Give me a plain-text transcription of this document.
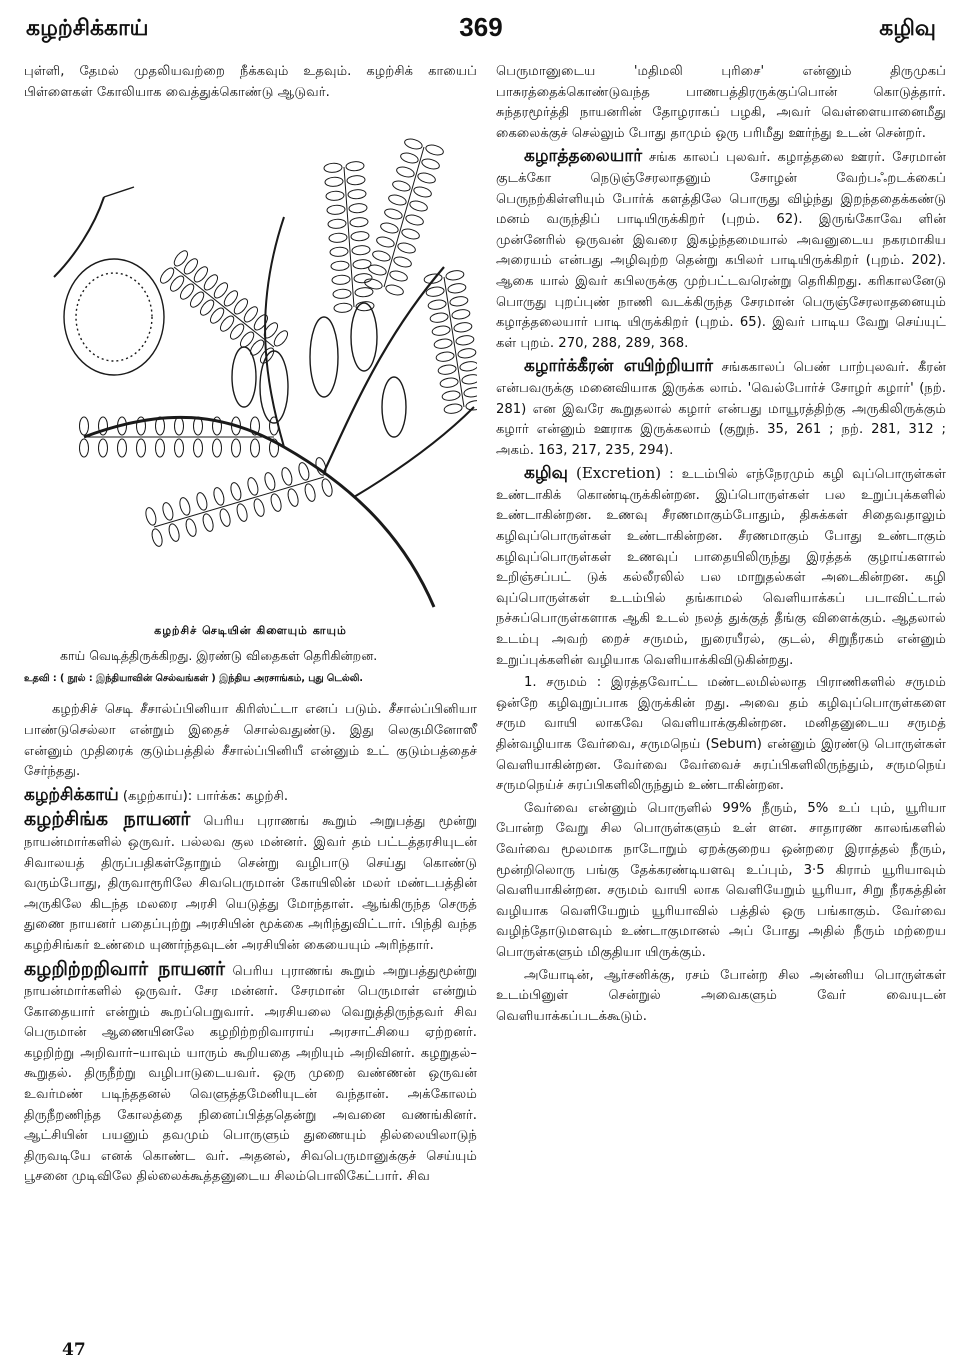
கழற்சிக்காய்	369	கழிவு

புள்ளி, தேமல் முதலியவற்றை நீக்கவும் உதவும். கழற்சிக் காயைப் பிள்ளைகள் கோலியாக வைத்துக்கொண்டு ஆடுவர்.

கழற்சிச் செடியின் கிளையும் காயும்
காய் வெடித்திருக்கிறது. இரண்டு விதைகள் தெரிகின்றன.
உதவி : ( நூல் : இந்தியாவின் செல்வங்கள் ) இந்திய அரசாங்கம், புது டெல்லி.

கழற்சிச் செடி சீசால்ப்பினியா கிரிஸ்ட்டா எனப் படும். சீசால்ப்பினியா பாண்டுசெல்லா என்றும் இதைச் சொல்வதுண்டு. இது லெகுமினோஸீ என்னும் முதிரைக் குடும்பத்தில் சீசால்ப்பினியீ என்னும் உட் குடும்பத்தைச் சேர்ந்தது.

கழற்சிக்காய் (கழற்காய்): பார்க்க: கழற்சி.

கழற்சிங்க நாயனர் பெரிய புராணங் கூறும் அறுபத்து மூன்று நாயன்மார்களில் ஒருவர். பல்லவ குல மன்னர். இவர் தம் பட்டத்தரசியுடன் சிவாலயத் திருப்பதிகள்தோறும் சென்று வழிபாடு செய்து கொண்டு வரும்போது, திருவாரூரிலே சிவபெருமான் கோயிலின் மலர் மண்டபத்தின் அருகிலே கிடந்த மலரை அரசி யெடுத்து மோந்தாள். ஆங்கிருந்த செருத் துணை நாயனர் பதைப்புற்று அரசியின் மூக்கை அரிந்துவிட்டார். பிந்தி வந்த கழற்சிங்கர் உண்மை யுணர்ந்தவுடன் அரசியின் கையையும் அரிந்தார்.

கழறிற்றறிவார் நாயனர் பெரிய புராணங் கூறும் அறுபத்துமூன்று நாயன்மார்களில் ஒருவர். சேர மன்னர். சேரமான் பெருமாள் என்றும் கோதையார் என்றும் கூறப்பெறுவார். அரசியலை வெறுத்திருந்தவர் சிவ பெருமான் ஆணையினலே கழறிற்றறிவாராய் அரசாட்சியை ஏற்றனர். கழறிற்று அறிவார்–யாவும் யாரும் கூறியதை அறியும் அறிவினர். கழறுதல்–கூறுதல். திருநீற்று வழிபாடுடையவர். ஒரு முறை வண்ணன் ஒருவன் உவர்மண் படிந்ததனல் வெளுத்தமேனியுடன் வந்தான். அக்கோலம் திருநீறணிந்த கோலத்தை நினைப்பித்ததென்று அவனை வணங்கினர். ஆட்சியின் பயனும் தவமும் பொருளும் துணையும் தில்லையிலாடுந் திருவடியே எனக் கொண்ட வர். அதனல், சிவபெருமானுக்குச் செய்யும் பூசனை முடிவிலே தில்லைக்கூத்தனுடைய சிலம்பொலிகேட்பார். சிவ

பெருமானுடைய 'மதிமலி புரிசை' என்னும் திருமுகப் பாசுரத்தைக்கொண்டுவந்த பாணபத்திரருக்குப்பொன் கொடுத்தார். சுந்தரமூர்த்தி நாயனரின் தோழராகப் பழகி, அவர் வெள்ளையானைமீது கைலைக்குச் செல்லும் போது தாமும் ஒரு பரிமீது ஊர்ந்து உடன் சென்றர்.

கழாத்தலையார் சங்க காலப் புலவர். கழாத்தலை ஊரர். சேரமான் குடக்கோ நெடுஞ்சேரலாதனும் சோழன் வேற்பஃறடக்கைப் பெருநற்கிள்ளியும் போர்க் களத்திலே பொருது விழ்ந்து இறந்ததைக்கண்டு மனம் வருந்திப் பாடியிருக்கிறர் (புறம். 62). இருங்கோவே ளின் முன்னேரில் ஒருவன் இவரை இகழ்ந்தமையால் அவனுடைய நகரமாகிய அரையம் என்பது அழிவுற்ற தென்று கபிலர் பாடியிருக்கிறர் (புறம். 202). ஆகை யால் இவர் கபிலருக்கு முற்பட்டவரென்று தெரிகிறது. கரிகாலனேடு பொருது புறப்புண் நாணி வடக்கிருந்த சேரமான் பெருஞ்சேரலாதனையும் கழாத்தலையார் பாடி யிருக்கிறர் (புறம். 65). இவர் பாடிய வேறு செய்யுட் கள் புறம். 270, 288, 289, 368.

கழார்க்கீரன் எயிற்றியார் சங்ககாலப் பெண் பாற்புலவர். கீரன் என்பவருக்கு மனைவியாக இருக்க லாம். 'வெல்போர்ச் சோழர் கழார்' (நற். 281) என இவரே கூறுதலால் கழார் என்பது மாயூரத்திற்கு அருகிலிருக்கும் கழார் என்னும் ஊராக இருக்கலாம் (குறுந். 35, 261 ; நற். 281, 312 ; அகம். 163, 217, 235, 294).

கழிவு (Excretion) : உடம்பில் எந்நேரமும் கழி வுப்பொருள்கள் உண்டாகிக் கொண்டிருக்கின்றன. இப்பொருள்கள் பல உறுப்புக்களில் உண்டாகின்றன. உணவு சீரணமாகும்போதும், திசுக்கள் சிதைவதாலும் கழிவுப்பொருள்கள் உண்டாகின்றன. சீரணமாகும் போது உண்டாகும் கழிவுப்பொருள்கள் உணவுப் பாதையிலிருந்து இரத்தக் குழாய்களால் உறிஞ்சப்பட் டுக் கல்லீரலில் பல மாறுதல்கள் அடைகின்றன. கழி வுப்பொருள்கள் உடம்பில் தங்காமல் வெளியாக்கப் படாவிட்டால் நச்சுப்பொருள்களாக ஆகி உடல் நலத் துக்குத் தீங்கு விளைக்கும். ஆதலால் உடம்பு அவற் றைச் சருமம், நுரையீரல், குடல், சிறுநீரகம் என்னும் உறுப்புக்களின் வழியாக வெளியாக்கிவிடுகின்றது.

1. சருமம் : இரத்தவோட்ட மண்டலமில்லாத பிராணிகளில் சருமம் ஒன்றே கழிவுறுப்பாக இருக்கின் றது. அவை தம் கழிவுப்பொருள்களை சரும வாயி லாகவே வெளியாக்குகின்றன. மனிதனுடைய சருமத் தின்வழியாக வேர்வை, சருமநெய் (Sebum) என்னும் இரண்டு பொருள்கள் வெளியாகின்றன. வேர்வை வேர்வைச் சுரப்பிகளிலிருந்தும், சருமநெய் சருமநெய்ச் சுரப்பிகளிலிருந்தும் உண்டாகின்றன.

வேர்வை என்னும் பொருளில் 99% நீரும், 5% உப் பும், யூரியா போன்ற வேறு சில பொருள்களும் உள் ளன. சாதாரண காலங்களில் வேர்வை மூலமாக நாடோறும் ஏறக்குறைய ஒன்றரை இராத்தல் நீரும், மூன்றிலொரு பங்கு தேக்கரண்டியளவு உப்பும், 3·5 கிராம் யூரியாவும் வெளியாகின்றன. சருமம் வாயி லாக வெளியேறும் யூரியா, சிறு நீரகத்தின் வழியாக வெளியேறும் யூரியாவில் பத்தில் ஒரு பங்காகும். வேர்வை வழிந்தோடுமளவும் உண்டாகுமானல் அப் போது அதில் நீரும் மற்றைய பொருள்களும் மிகுதியா யிருக்கும்.

அயோடின், ஆர்சனிக்கு, ரசம் போன்ற சில அன்னிய பொருள்கள் உடம்பினுள் சென்றுல் அவைகளும் வேர் வையுடன் வெளியாக்கப்படக்கூடும்.

47
